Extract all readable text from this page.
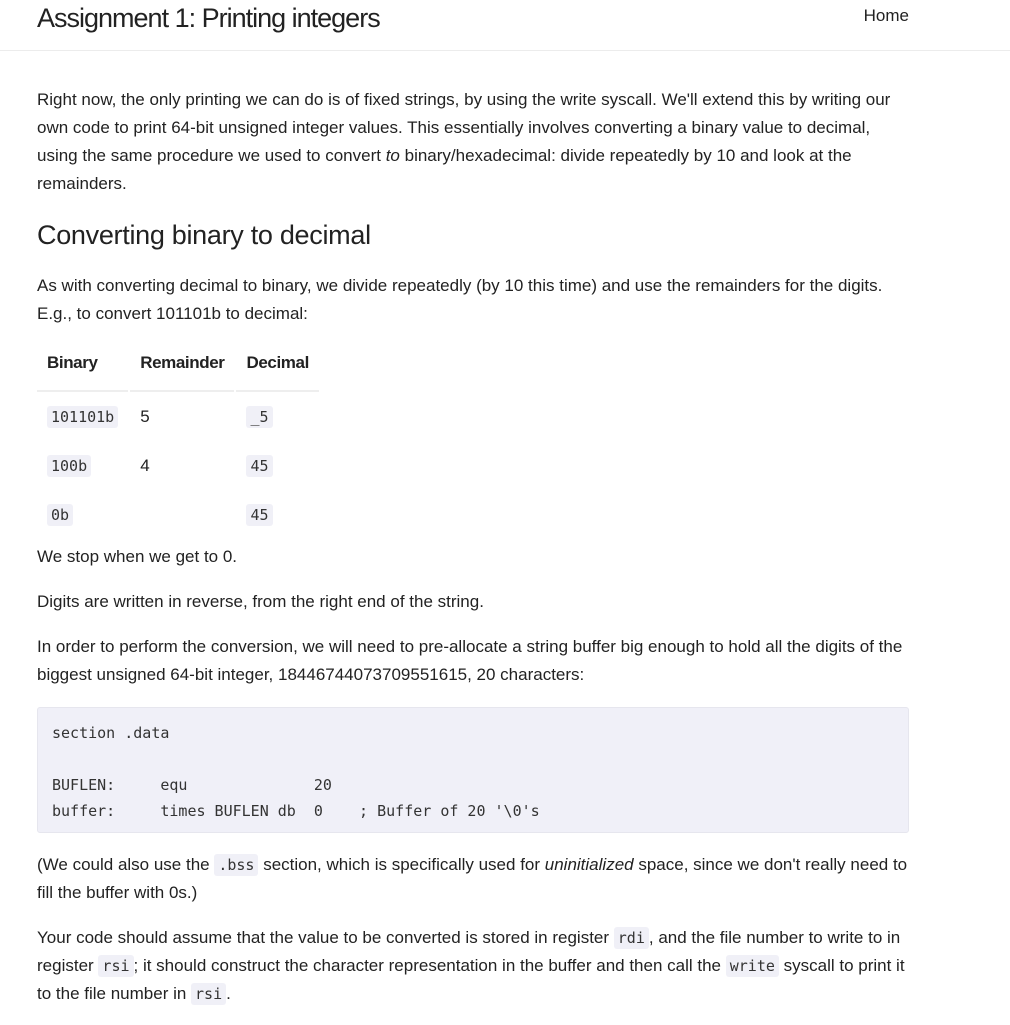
Assignment 1: Printing integers	Home

Right now, the only printing we can do is of fixed strings, by using the write syscall. We'll extend this by writing our own code to print 64-bit unsigned integer values. This essentially involves converting a binary value to decimal, using the same procedure we used to convert to binary/hexadecimal: divide repeatedly by 10 and look at the remainders.

Converting binary to decimal

As with converting decimal to binary, we divide repeatedly (by 10 this time) and use the remainders for the digits. E.g., to convert 101101b to decimal:

Binary	Remainder	Decimal
101101b	5	_5
100b	4	45
0b		45

We stop when we get to 0.

Digits are written in reverse, from the right end of the string.

In order to perform the conversion, we will need to pre-allocate a string buffer big enough to hold all the digits of the biggest unsigned 64-bit integer, 18446744073709551615, 20 characters:

section .data
BUFLEN:     equ              20
buffer:     times BUFLEN db  0    ; Buffer of 20 '\0's

(We could also use the .bss section, which is specifically used for uninitialized space, since we don't really need to fill the buffer with 0s.)

Your code should assume that the value to be converted is stored in register rdi , and the file number to write to in register rsi ; it should construct the character representation in the buffer and then call the write syscall to print it to the file number in rsi .
